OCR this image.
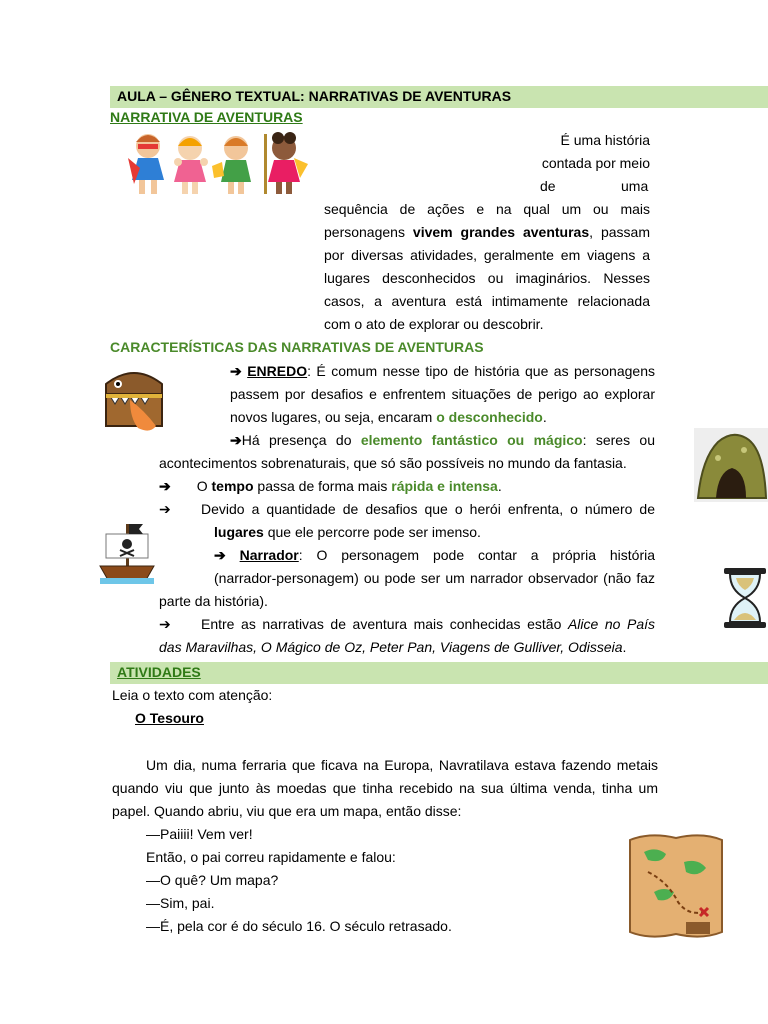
AULA – GÊNERO TEXTUAL: NARRATIVAS DE AVENTURAS
NARRATIVA DE AVENTURAS
É uma história
contada por meio
de	uma
sequência de ações e na qual um ou mais
personagens vivem grandes aventuras, passam
por diversas atividades, geralmente em viagens a
lugares desconhecidos ou imaginários. Nesses
casos, a aventura está intimamente relacionada
com o ato de explorar ou descobrir.
CARACTERÍSTICAS DAS NARRATIVAS DE AVENTURAS
➔ ENREDO: É comum nesse tipo de história que as personagens
passem por desafios e enfrentem situações de perigo ao explorar
novos lugares, ou seja, encaram o desconhecido.
➔Há presença do elemento fantástico ou mágico: seres ou
acontecimentos sobrenaturais, que só são possíveis no mundo da fantasia.
➔ O tempo passa de forma mais rápida e intensa.
➔ Devido a quantidade de desafios que o herói enfrenta, o número de
lugares que ele percorre pode ser imenso.
➔ Narrador: O personagem pode contar a própria história
(narrador-personagem) ou pode ser um narrador observador (não faz
parte da história).
➔ Entre as narrativas de aventura mais conhecidas estão Alice no País
das Maravilhas, O Mágico de Oz, Peter Pan, Viagens de Gulliver, Odisseia.
ATIVIDADES
Leia o texto com atenção:
O Tesouro
Um dia, numa ferraria que ficava na Europa, Navratilava estava fazendo metais
quando viu que junto às moedas que tinha recebido na sua última venda, tinha um
papel. Quando abriu, viu que era um mapa, então disse:
—Paiiii! Vem ver!
Então, o pai correu rapidamente e falou:
—O quê? Um mapa?
—Sim, pai.
—É, pela cor é do século 16. O século retrasado.
